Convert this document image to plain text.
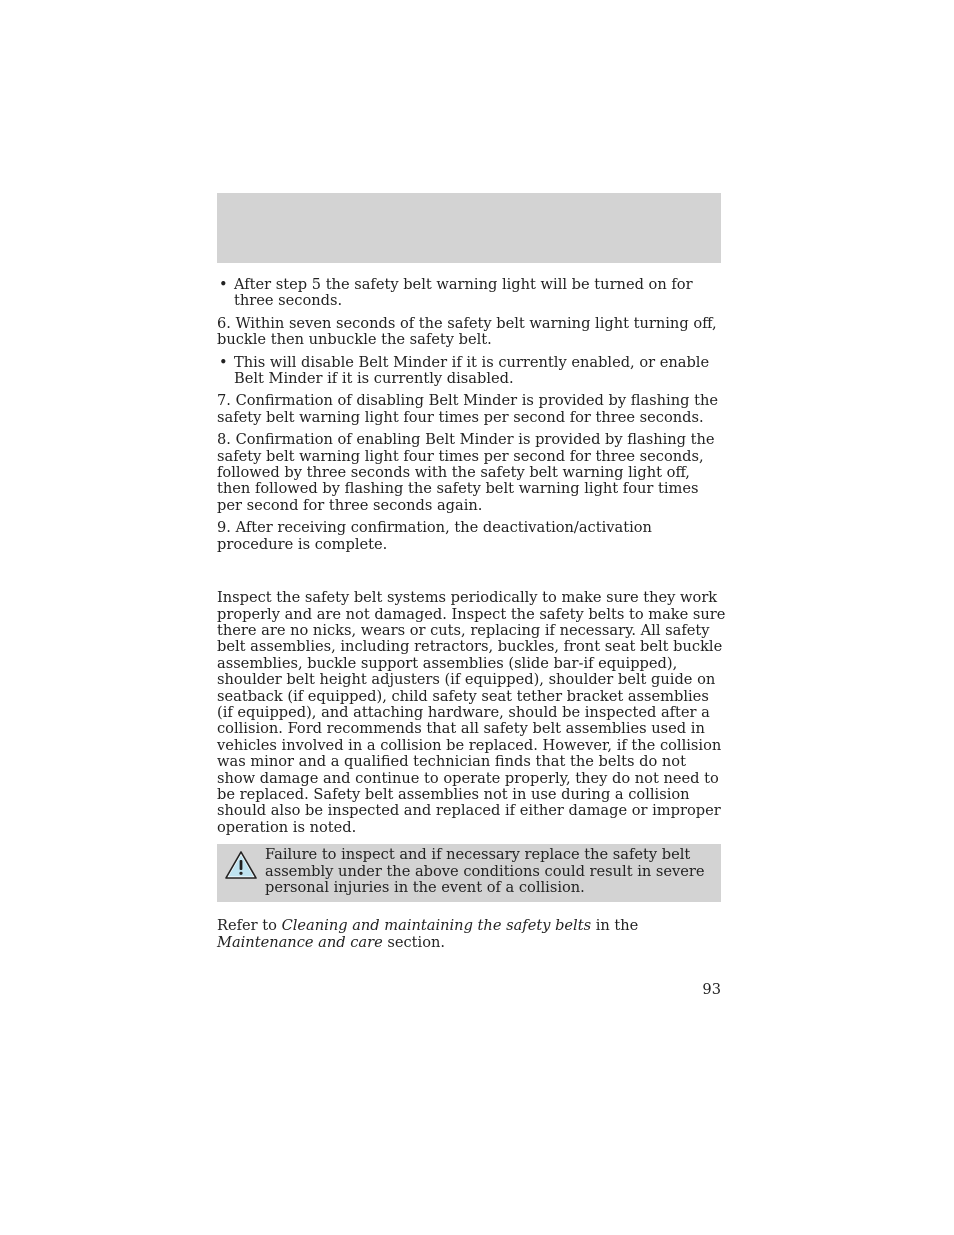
• After step 5 the safety belt warning light will be turned on for three seconds.

6. Within seven seconds of the safety belt warning light turning off, buckle then unbuckle the safety belt.

• This will disable Belt Minder if it is currently enabled, or enable Belt Minder if it is currently disabled.

7. Confirmation of disabling Belt Minder is provided by flashing the safety belt warning light four times per second for three seconds.

8. Confirmation of enabling Belt Minder is provided by flashing the safety belt warning light four times per second for three seconds, followed by three seconds with the safety belt warning light off, then followed by flashing the safety belt warning light four times per second for three seconds again.

9. After receiving confirmation, the deactivation/activation procedure is complete.

Inspect the safety belt systems periodically to make sure they work properly and are not damaged. Inspect the safety belts to make sure there are no nicks, wears or cuts, replacing if necessary. All safety belt assemblies, including retractors, buckles, front seat belt buckle assemblies, buckle support assemblies (slide bar-if equipped), shoulder belt height adjusters (if equipped), shoulder belt guide on seatback (if equipped), child safety seat tether bracket assemblies (if equipped), and attaching hardware, should be inspected after a collision. Ford recommends that all safety belt assemblies used in vehicles involved in a collision be replaced. However, if the collision was minor and a qualified technician finds that the belts do not show damage and continue to operate properly, they do not need to be replaced. Safety belt assemblies not in use during a collision should also be inspected and replaced if either damage or improper operation is noted.

Failure to inspect and if necessary replace the safety belt assembly under the above conditions could result in severe personal injuries in the event of a collision.

Refer to Cleaning and maintaining the safety belts in the Maintenance and care section.

93
